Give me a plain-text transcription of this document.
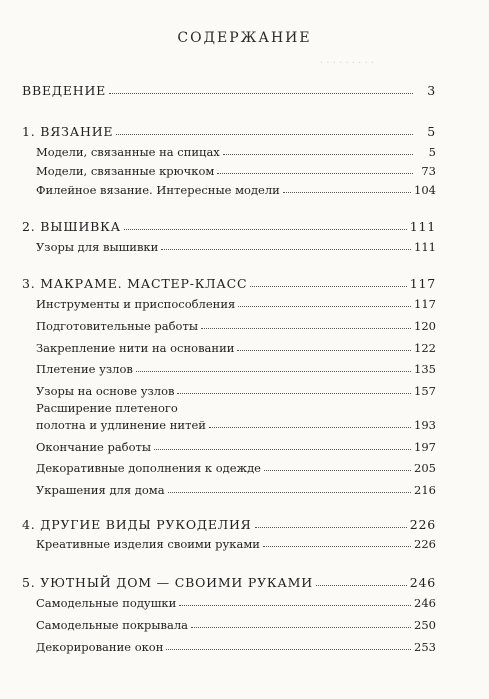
· · · · · · · · ·
СОДЕРЖАНИЕ
ВВЕДЕНИЕ	3
1. ВЯЗАНИЕ	5
Модели, связанные на спицах	5
Модели, связанные крючком	73
Филейное вязание. Интересные модели	104
2. ВЫШИВКА	111
Узоры для вышивки	111
3. МАКРАМЕ. МАСТЕР-КЛАСС	117
Инструменты и приспособления	117
Подготовительные работы	120
Закрепление нити на основании	122
Плетение узлов	135
Узоры на основе узлов	157
Расширение плетеного
полотна и удлинение нитей	193
Окончание работы	197
Декоративные дополнения к одежде	205
Украшения для дома	216
4. ДРУГИЕ ВИДЫ РУКОДЕЛИЯ	226
Креативные изделия своими руками	226
5. УЮТНЫЙ ДОМ — СВОИМИ РУКАМИ	246
Самодельные подушки	246
Самодельные покрывала	250
Декорирование окон	253
